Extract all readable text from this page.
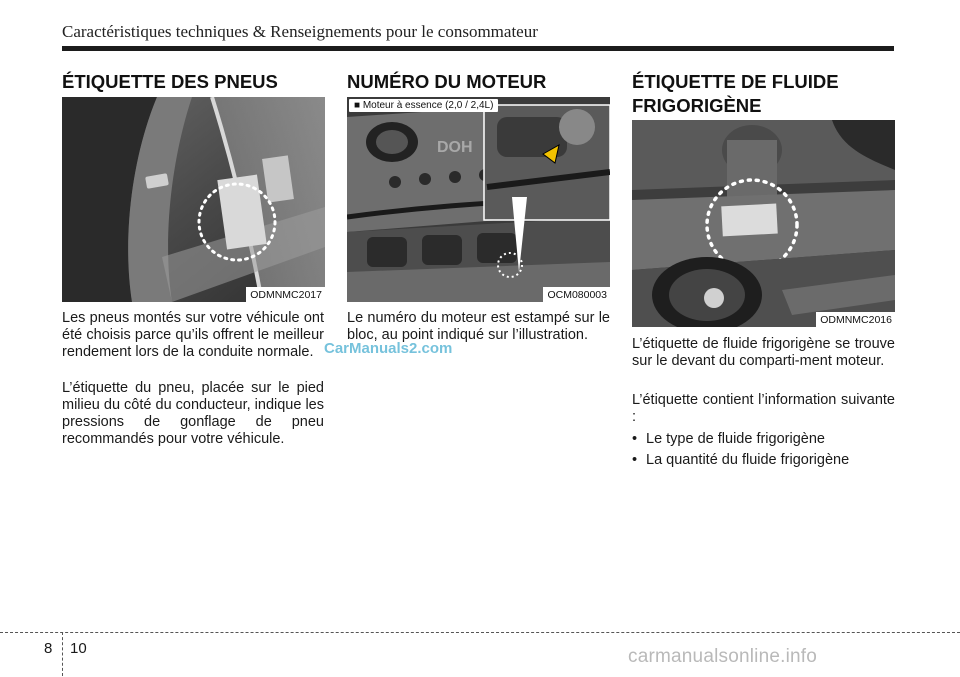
Caractéristiques techniques & Renseignements pour le consommateur
ÉTIQUETTE DES PNEUS
ODMNMC2017

Les pneus montés sur votre véhicule ont été choisis parce qu’ils offrent le meilleur rendement lors de la conduite normale.

L’étiquette du pneu, placée sur le pied milieu du côté du conducteur, indique les pressions de gonflage de pneu recommandés pour votre véhicule.

CarManuals2.com
NUMÉRO DU MOTEUR
DOH
■ Moteur à essence (2,0 / 2,4L)
OCM080003

Le numéro du moteur est estampé sur le bloc, au point indiqué sur l’illustration.

ÉTIQUETTE DE FLUIDE
FRIGORIGÈNE
ODMNMC2016

L’étiquette de fluide frigorigène se trouve sur le devant du comparti-ment moteur.

L’étiquette contient l’information suivante :

• Le type de fluide frigorigène
• La quantité du fluide frigorigène
8 10	carmanualsonline.info
